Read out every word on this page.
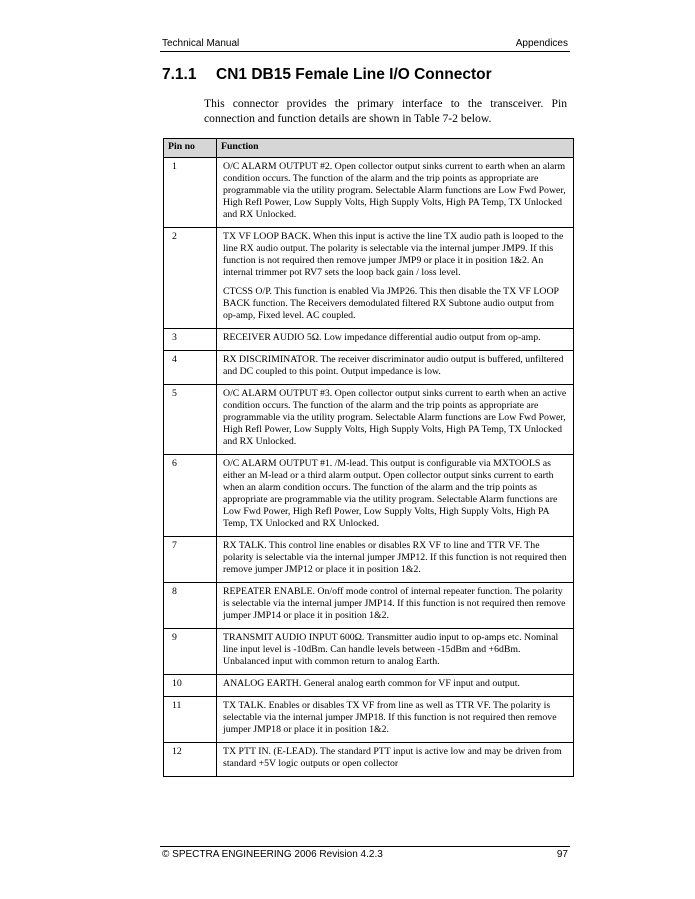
Technical Manual	Appendices
7.1.1 CN1 DB15 Female Line I/O Connector
This connector provides the primary interface to the transceiver. Pin connection and function details are shown in Table 7-2 below.
Pin no	Function
1	O/C ALARM OUTPUT #2. Open collector output sinks current to earth when an alarm condition occurs. The function of the alarm and the trip points as appropriate are programmable via the utility program. Selectable Alarm functions are Low Fwd Power, High Refl Power, Low Supply Volts, High Supply Volts, High PA Temp, TX Unlocked and RX Unlocked.
2	TX VF LOOP BACK. When this input is active the line TX audio path is looped to the line RX audio output. The polarity is selectable via the internal jumper JMP9. If this function is not required then remove jumper JMP9 or place it in position 1&2. An internal trimmer pot RV7 sets the loop back gain / loss level.
CTCSS O/P. This function is enabled Via JMP26. This then disable the TX VF LOOP BACK function. The Receivers demodulated filtered RX Subtone audio output from op-amp, Fixed level. AC coupled.

3	RECEIVER AUDIO 5Ω. Low impedance differential audio output from op-amp.
4	RX DISCRIMINATOR. The receiver discriminator audio output is buffered, unfiltered and DC coupled to this point. Output impedance is low.
5	O/C ALARM OUTPUT #3. Open collector output sinks current to earth when an active condition occurs. The function of the alarm and the trip points as appropriate are programmable via the utility program. Selectable Alarm functions are Low Fwd Power, High Refl Power, Low Supply Volts, High Supply Volts, High PA Temp, TX Unlocked and RX Unlocked.
6	O/C ALARM OUTPUT #1. /M-lead. This output is configurable via MXTOOLS as either an M-lead or a third alarm output. Open collector output sinks current to earth when an alarm condition occurs. The function of the alarm and the trip points as appropriate are programmable via the utility program. Selectable Alarm functions are Low Fwd Power, High Refl Power, Low Supply Volts, High Supply Volts, High PA Temp, TX Unlocked and RX Unlocked.
7	RX TALK. This control line enables or disables RX VF to line and TTR VF. The polarity is selectable via the internal jumper JMP12. If this function is not required then remove jumper JMP12 or place it in position 1&2.
8	REPEATER ENABLE. On/off mode control of internal repeater function. The polarity is selectable via the internal jumper JMP14. If this function is not required then remove jumper JMP14 or place it in position 1&2.
9	TRANSMIT AUDIO INPUT 600Ω. Transmitter audio input to op-amps etc. Nominal line input level is -10dBm. Can handle levels between -15dBm and +6dBm. Unbalanced input with common return to analog Earth.
10	ANALOG EARTH. General analog earth common for VF input and output.
11	TX TALK. Enables or disables TX VF from line as well as TTR VF. The polarity is selectable via the internal jumper JMP18. If this function is not required then remove jumper JMP18 or place it in position 1&2.
12	TX PTT IN. (E-LEAD). The standard PTT input is active low and may be driven from standard +5V logic outputs or open collector
© SPECTRA ENGINEERING 2006 Revision 4.2.3	97
